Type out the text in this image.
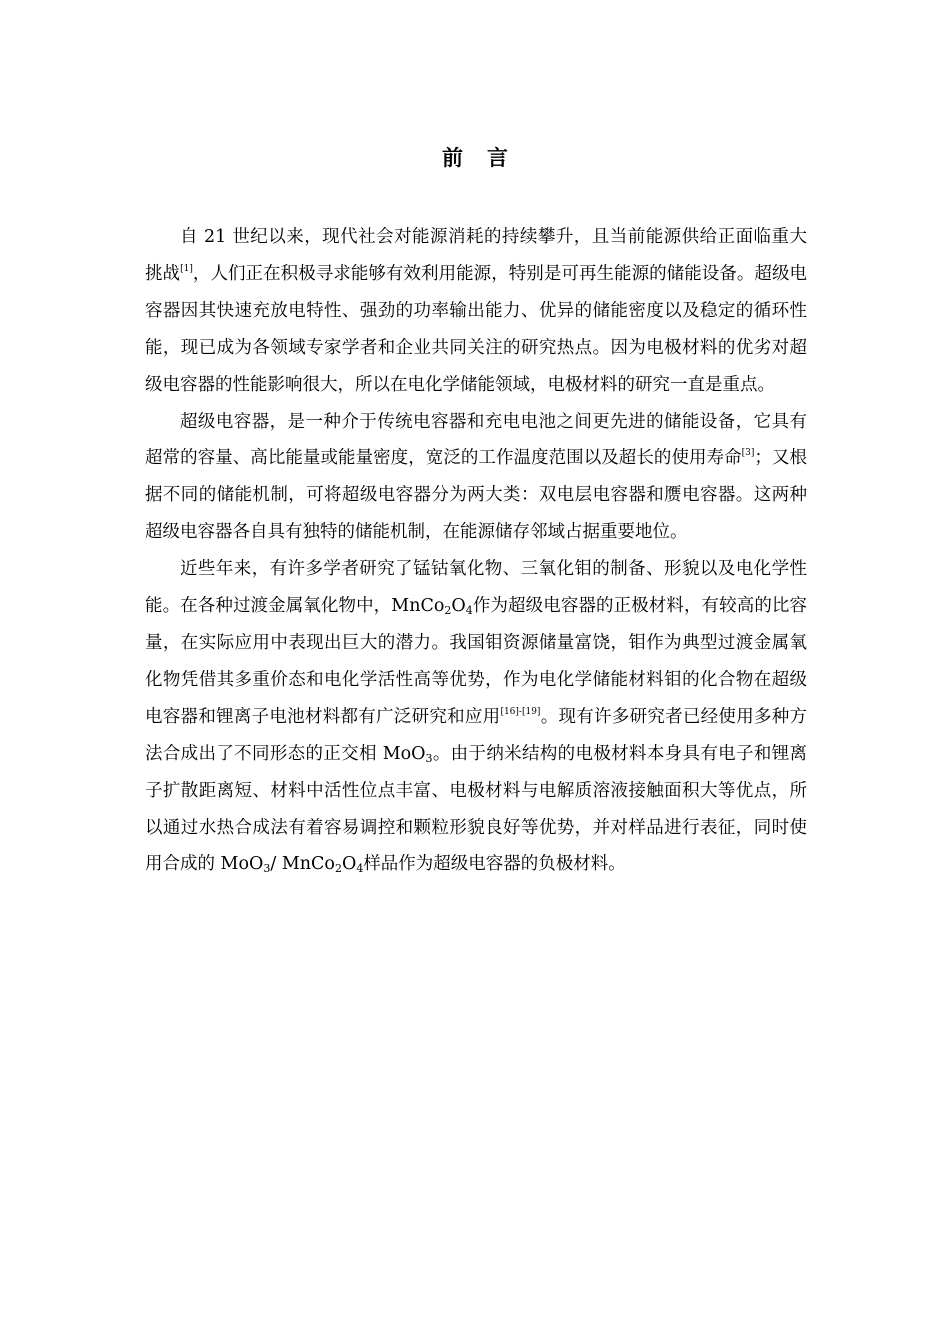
前 言

自 21 世纪以来，现代社会对能源消耗的持续攀升，且当前能源供给正面临重大挑战[1]，人们正在积极寻求能够有效利用能源，特别是可再生能源的储能设备。超级电容器因其快速充放电特性、强劲的功率输出能力、优异的储能密度以及稳定的循环性能，现已成为各领域专家学者和企业共同关注的研究热点。因为电极材料的优劣对超级电容器的性能影响很大，所以在电化学储能领域，电极材料的研究一直是重点。

超级电容器，是一种介于传统电容器和充电电池之间更先进的储能设备，它具有超常的容量、高比能量或能量密度，宽泛的工作温度范围以及超长的使用寿命[3]；又根据不同的储能机制，可将超级电容器分为两大类：双电层电容器和赝电容器。这两种超级电容器各自具有独特的储能机制，在能源储存邻域占据重要地位。

近些年来，有许多学者研究了锰钴氧化物、三氧化钼的制备、形貌以及电化学性能。在各种过渡金属氧化物中，$MnCo_2O_4$作为超级电容器的正极材料，有较高的比容量，在实际应用中表现出巨大的潜力。我国钼资源储量富饶，钼作为典型过渡金属氧化物凭借其多重价态和电化学活性高等优势，作为电化学储能材料钼的化合物在超级电容器和锂离子电池材料都有广泛研究和应用[16]-[19]。现有许多研究者已经使用多种方法合成出了不同形态的正交相 MoO$_3$。由于纳米结构的电极材料本身具有电子和锂离子扩散距离短、材料中活性位点丰富、电极材料与电解质溶液接触面积大等优点，所以通过水热合成法有着容易调控和颗粒形貌良好等优势，并对样品进行表征，同时使用合成的 MoO$_3$/ $MnCo_2O_4$样品作为超级电容器的负极材料。
